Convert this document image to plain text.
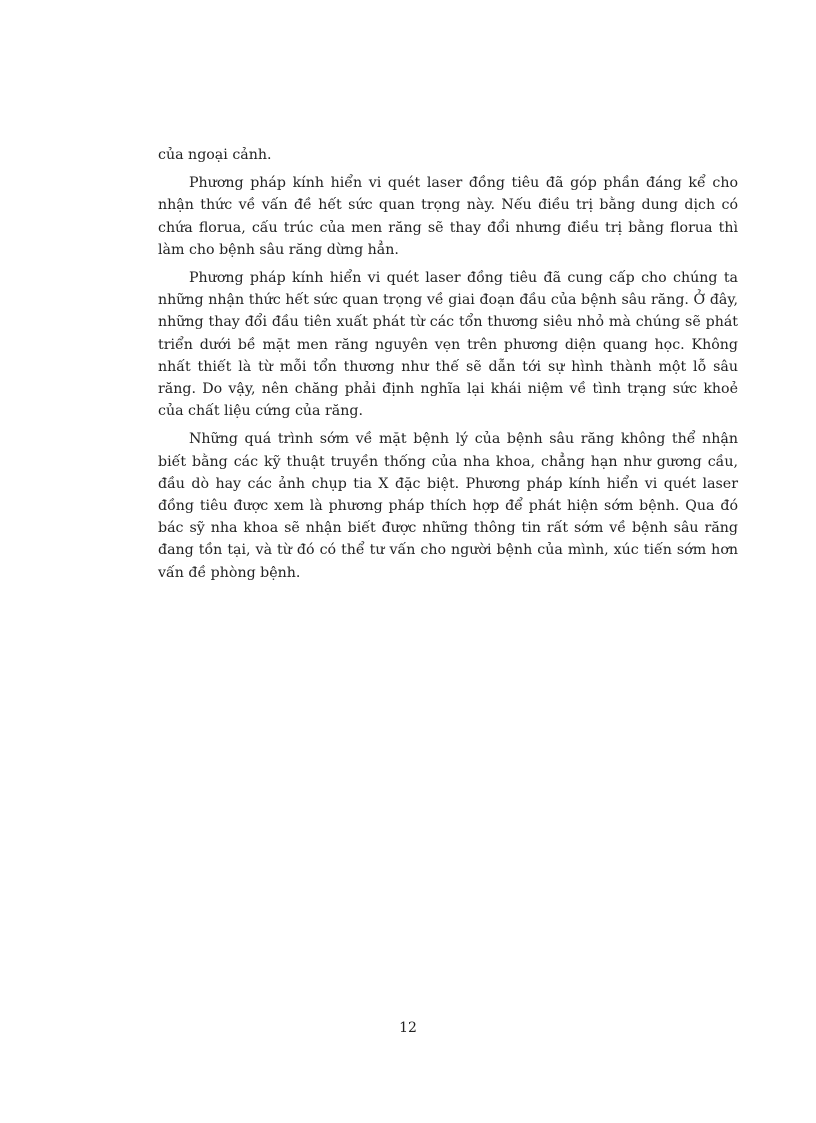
của ngoại cảnh.

Phương pháp kính hiển vi quét laser đồng tiêu đã góp phần đáng kể cho nhận thức về vấn đề hết sức quan trọng này. Nếu điều trị bằng dung dịch có chứa florua, cấu trúc của men răng sẽ thay đổi nhưng điều trị bằng florua thì làm cho bệnh sâu răng dừng hẳn.

Phương pháp kính hiển vi quét laser đồng tiêu đã cung cấp cho chúng ta những nhận thức hết sức quan trọng về giai đoạn đầu của bệnh sâu răng. Ở đây, những thay đổi đầu tiên xuất phát từ các tổn thương siêu nhỏ mà chúng sẽ phát triển dưới bề mặt men răng nguyên vẹn trên phương diện quang học. Không nhất thiết là từ mỗi tổn thương như thế sẽ dẫn tới sự hình thành một lỗ sâu răng. Do vậy, nên chăng phải định nghĩa lại khái niệm về tình trạng sức khoẻ của chất liệu cứng của răng.

Những quá trình sớm về mặt bệnh lý của bệnh sâu răng không thể nhận biết bằng các kỹ thuật truyền thống của nha khoa, chẳng hạn như gương cầu, đầu dò hay các ảnh chụp tia X đặc biệt. Phương pháp kính hiển vi quét laser đồng tiêu được xem là phương pháp thích hợp để phát hiện sớm bệnh. Qua đó bác sỹ nha khoa sẽ nhận biết được những thông tin rất sớm về bệnh sâu răng đang tồn tại, và từ đó có thể tư vấn cho người bệnh của mình, xúc tiến sớm hơn vấn đề phòng bệnh.

12
